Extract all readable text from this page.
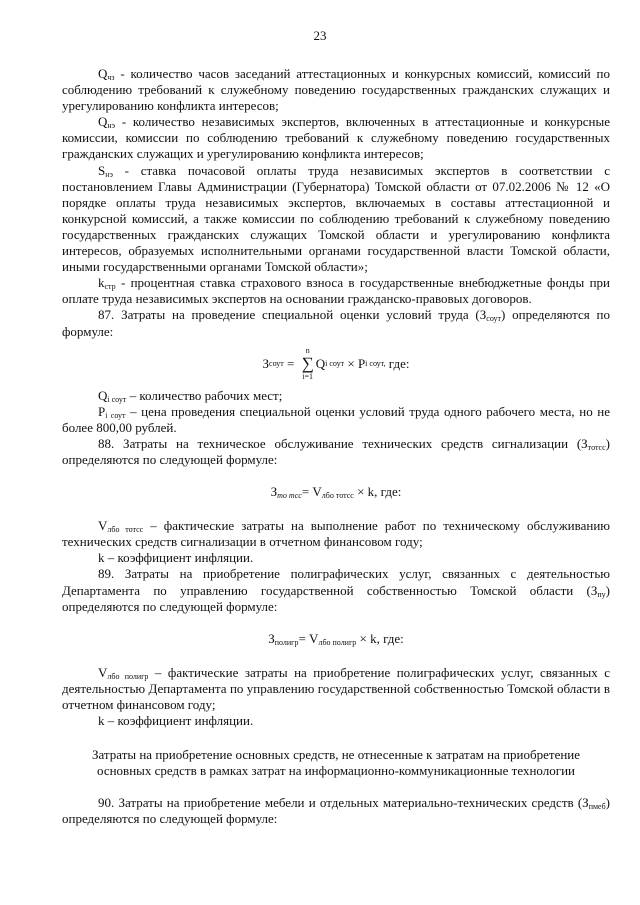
23

$Q_{чз}$ - количество часов заседаний аттестационных и конкурсных комиссий, комиссий по соблюдению требований к служебному поведению государственных гражданских служащих и урегулированию конфликта интересов;

$Q_{нэ}$ - количество независимых экспертов, включенных в аттестационные и конкурсные комиссии, комиссии по соблюдению требований к служебному поведению государственных гражданских служащих и урегулированию конфликта интересов;

$S_{нэ}$ - ставка почасовой оплаты труда независимых экспертов в соответствии с постановлением Главы Администрации (Губернатора) Томской области от 07.02.2006 № 12 «О порядке оплаты труда независимых экспертов, включаемых в составы аттестационной и конкурсной комиссий, а также комиссии по соблюдению требований к служебному поведению государственных гражданских служащих Томской области и урегулированию конфликта интересов, образуемых исполнительными органами государственной власти Томской области, иными государственными органами Томской области»;

$k_{стр}$ - процентная ставка страхового взноса в государственные внебюджетные фонды при оплате труда независимых экспертов на основании гражданско-правовых договоров.

87. Затраты на проведение специальной оценки условий труда $(З_{соут})$ определяются по формуле:

З соут =
n
∑
i=1
Q i соут × P i соут, где:

$Q_{i соут}$ – количество рабочих мест;

$P_{i соут}$ – цена проведения специальной оценки условий труда одного рабочего места, но не более 800,00 рублей.

88. Затраты на техническое обслуживание технических средств сигнализации $(З_{тотсс})$ определяются по следующей формуле:

$З_{то тсс}= V_{лбо тотсс} \times k$, где:

$V_{лбо тотсс}$ – фактические затраты на выполнение работ по техническому обслуживанию технических средств сигнализации в отчетном финансовом году;

k – коэффициент инфляции.

89. Затраты на приобретение полиграфических услуг, связанных с деятельностью Департамента по управлению государственной собственностью Томской области $(З_{пу})$ определяются по следующей формуле:

$З_{полигр}= V_{лбо полигр} \times k$, где:

$V_{лбо полигр}$ – фактические затраты на приобретение полиграфических услуг, связанных с деятельностью Департамента по управлению государственной собственностью Томской области в отчетном финансовом году;

k – коэффициент инфляции.

Затраты на приобретение основных средств, не отнесенные к затратам на приобретение основных средств в рамках затрат на информационно-коммуникационные технологии

90. Затраты на приобретение мебели и отдельных материально-технических средств $(З_{пмеб})$ определяются по следующей формуле:
